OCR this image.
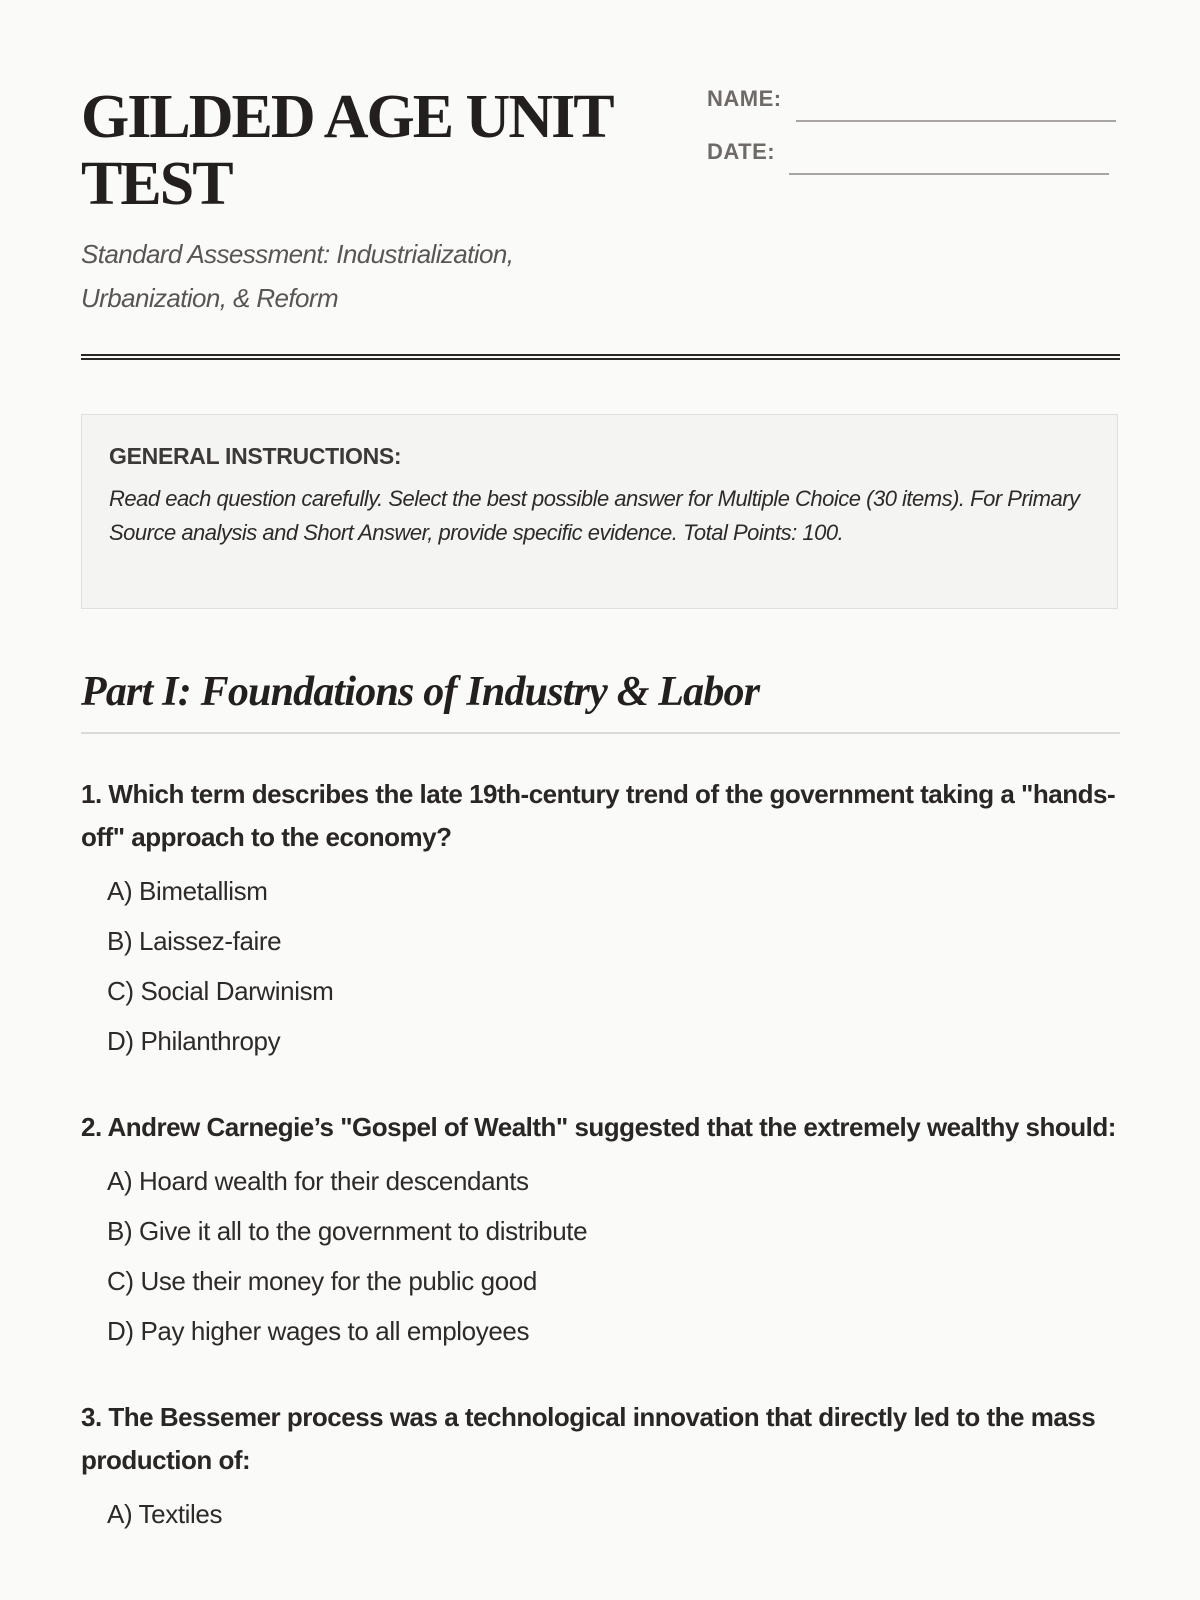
GILDED AGE UNIT TEST
Standard Assessment: Industrialization, Urbanization, & Reform
NAME:
DATE:
GENERAL INSTRUCTIONS:
Read each question carefully. Select the best possible answer for Multiple Choice (30 items). For Primary Source analysis and Short Answer, provide specific evidence. Total Points: 100.
Part I: Foundations of Industry & Labor
1. Which term describes the late 19th-century trend of the government taking a "hands-off" approach to the economy?
A) Bimetallism
B) Laissez-faire
C) Social Darwinism
D) Philanthropy
2. Andrew Carnegie’s "Gospel of Wealth" suggested that the extremely wealthy should:
A) Hoard wealth for their descendants
B) Give it all to the government to distribute
C) Use their money for the public good
D) Pay higher wages to all employees
3. The Bessemer process was a technological innovation that directly led to the mass production of:
A) Textiles
